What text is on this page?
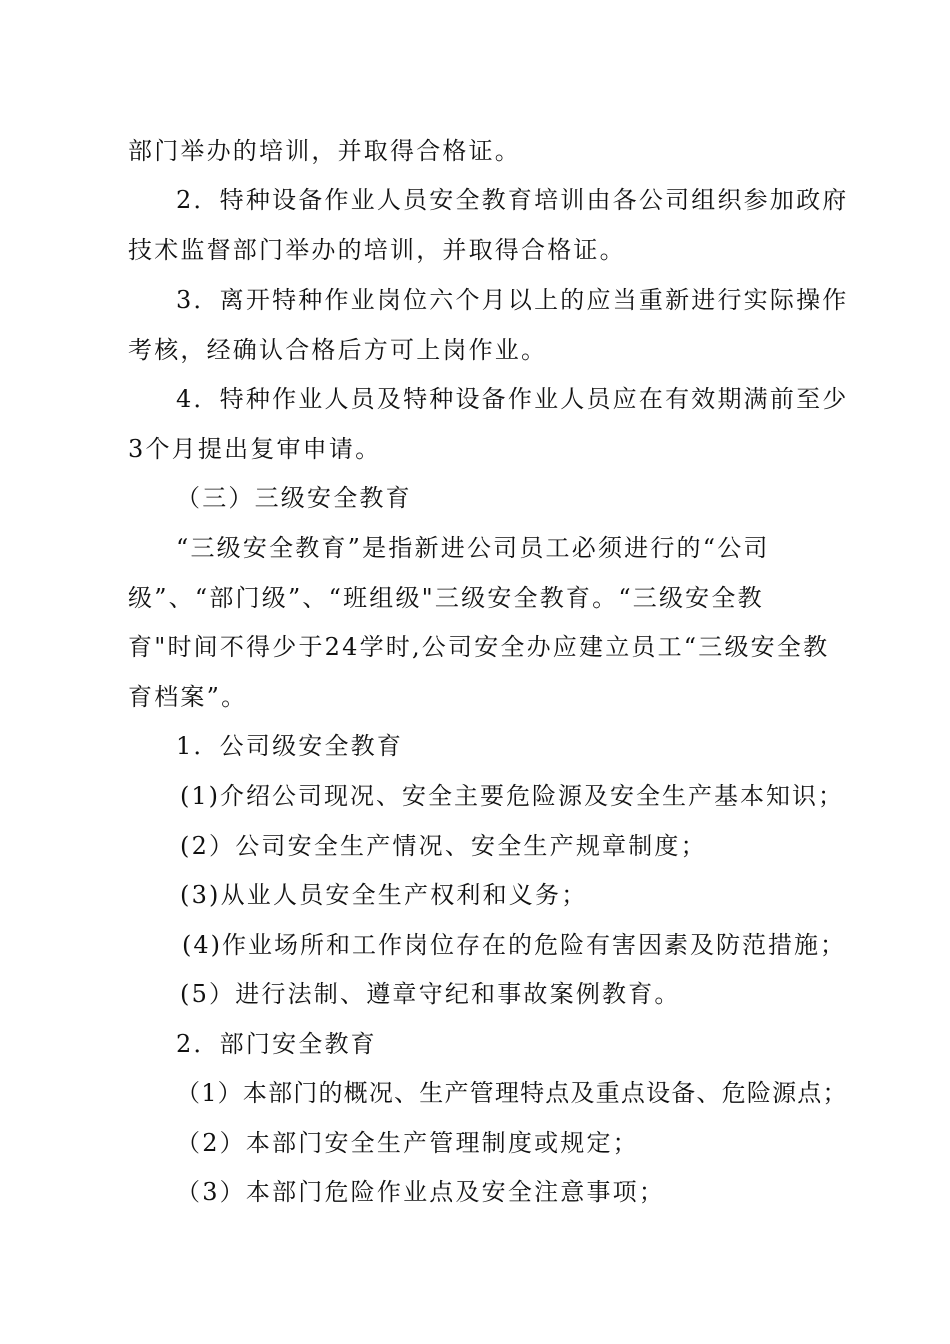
部门举办的培训，并取得合格证。
2．特种设备作业人员安全教育培训由各公司组织参加政府
技术监督部门举办的培训，并取得合格证。
3．离开特种作业岗位六个月以上的应当重新进行实际操作
考核，经确认合格后方可上岗作业。
4．特种作业人员及特种设备作业人员应在有效期满前至少
3个月提出复审申请。
（三）三级安全教育
“三级安全教育”是指新进公司员工必须进行的“公司
级”、“部门级”、“班组级"三级安全教育。“三级安全教
育"时间不得少于24学时,公司安全办应建立员工“三级安全教
育档案”。
1．公司级安全教育
(1)介绍公司现况、安全主要危险源及安全生产基本知识；
(2）公司安全生产情况、安全生产规章制度；
(3)从业人员安全生产权利和义务；
(4)作业场所和工作岗位存在的危险有害因素及防范措施；
(5）进行法制、遵章守纪和事故案例教育。
2．部门安全教育
（1）本部门的概况、生产管理特点及重点设备、危险源点；
（2）本部门安全生产管理制度或规定；
（3）本部门危险作业点及安全注意事项；
